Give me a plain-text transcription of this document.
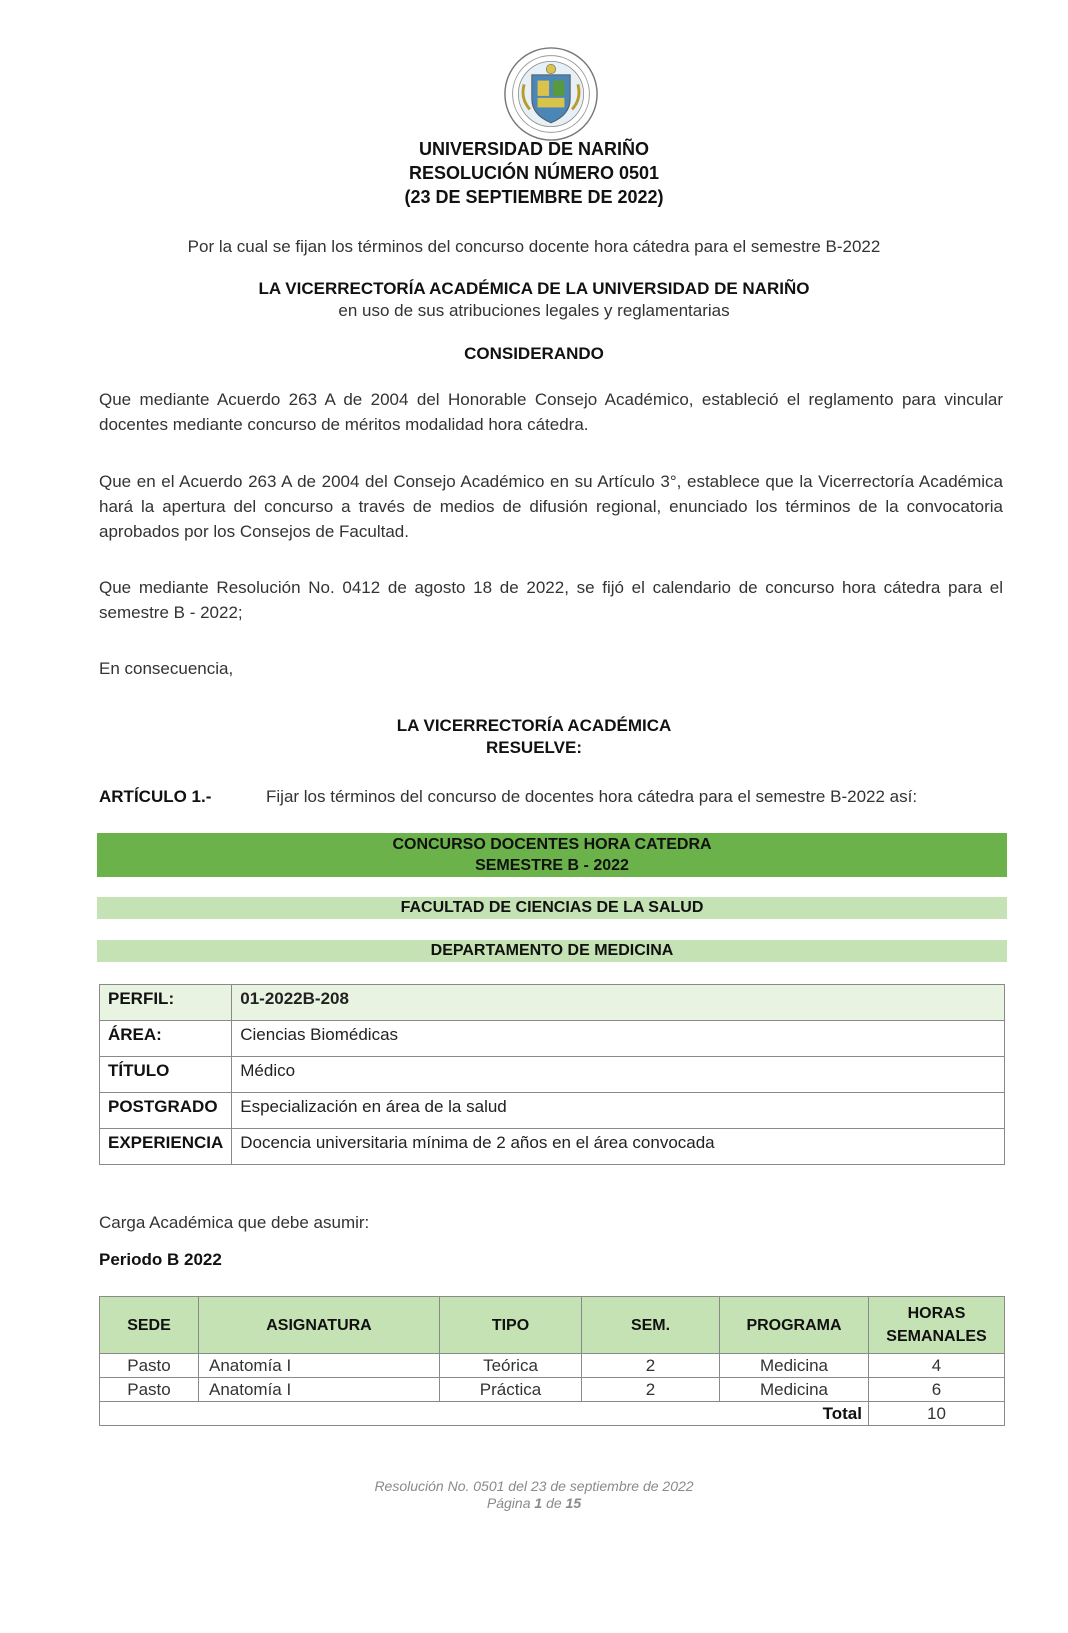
UNIVERSIDAD DE NARIÑO
RESOLUCIÓN NÚMERO 0501
(23 DE SEPTIEMBRE DE 2022)
Por la cual se fijan los términos del concurso docente hora cátedra para el semestre B-2022
LA VICERRECTORÍA ACADÉMICA DE LA UNIVERSIDAD DE NARIÑO
en uso de sus atribuciones legales y reglamentarias
CONSIDERANDO
Que mediante Acuerdo 263 A de 2004 del Honorable Consejo Académico, estableció el reglamento para vincular docentes mediante concurso de méritos modalidad hora cátedra.
Que en el Acuerdo 263 A de 2004 del Consejo Académico en su Artículo 3°, establece que la Vicerrectoría Académica hará la apertura del concurso a través de medios de difusión regional, enunciado los términos de la convocatoria aprobados por los Consejos de Facultad.
Que mediante Resolución No. 0412 de agosto 18 de 2022, se fijó el calendario de concurso hora cátedra para el semestre B - 2022;
En consecuencia,
LA VICERRECTORÍA ACADÉMICA
RESUELVE:
ARTÍCULO 1.-	Fijar los términos del concurso de docentes hora cátedra para el semestre B-2022 así:
CONCURSO DOCENTES HORA CATEDRA
SEMESTRE B - 2022
FACULTAD DE CIENCIAS DE LA SALUD
DEPARTAMENTO DE MEDICINA
PERFIL:	01-2022B-208
ÁREA:	Ciencias Biomédicas
TÍTULO	Médico
POSTGRADO	Especialización en área de la salud
EXPERIENCIA	Docencia universitaria mínima de 2 años en el área convocada
Carga Académica que debe asumir:
Periodo B 2022
SEDE	ASIGNATURA	TIPO	SEM.	PROGRAMA	HORAS
SEMANALES

Pasto	Anatomía I	Teórica	2	Medicina	4
Pasto	Anatomía I	Práctica	2	Medicina	6
Total					10
Resolución No. 0501 del 23 de septiembre de 2022
Página 1 de 15
